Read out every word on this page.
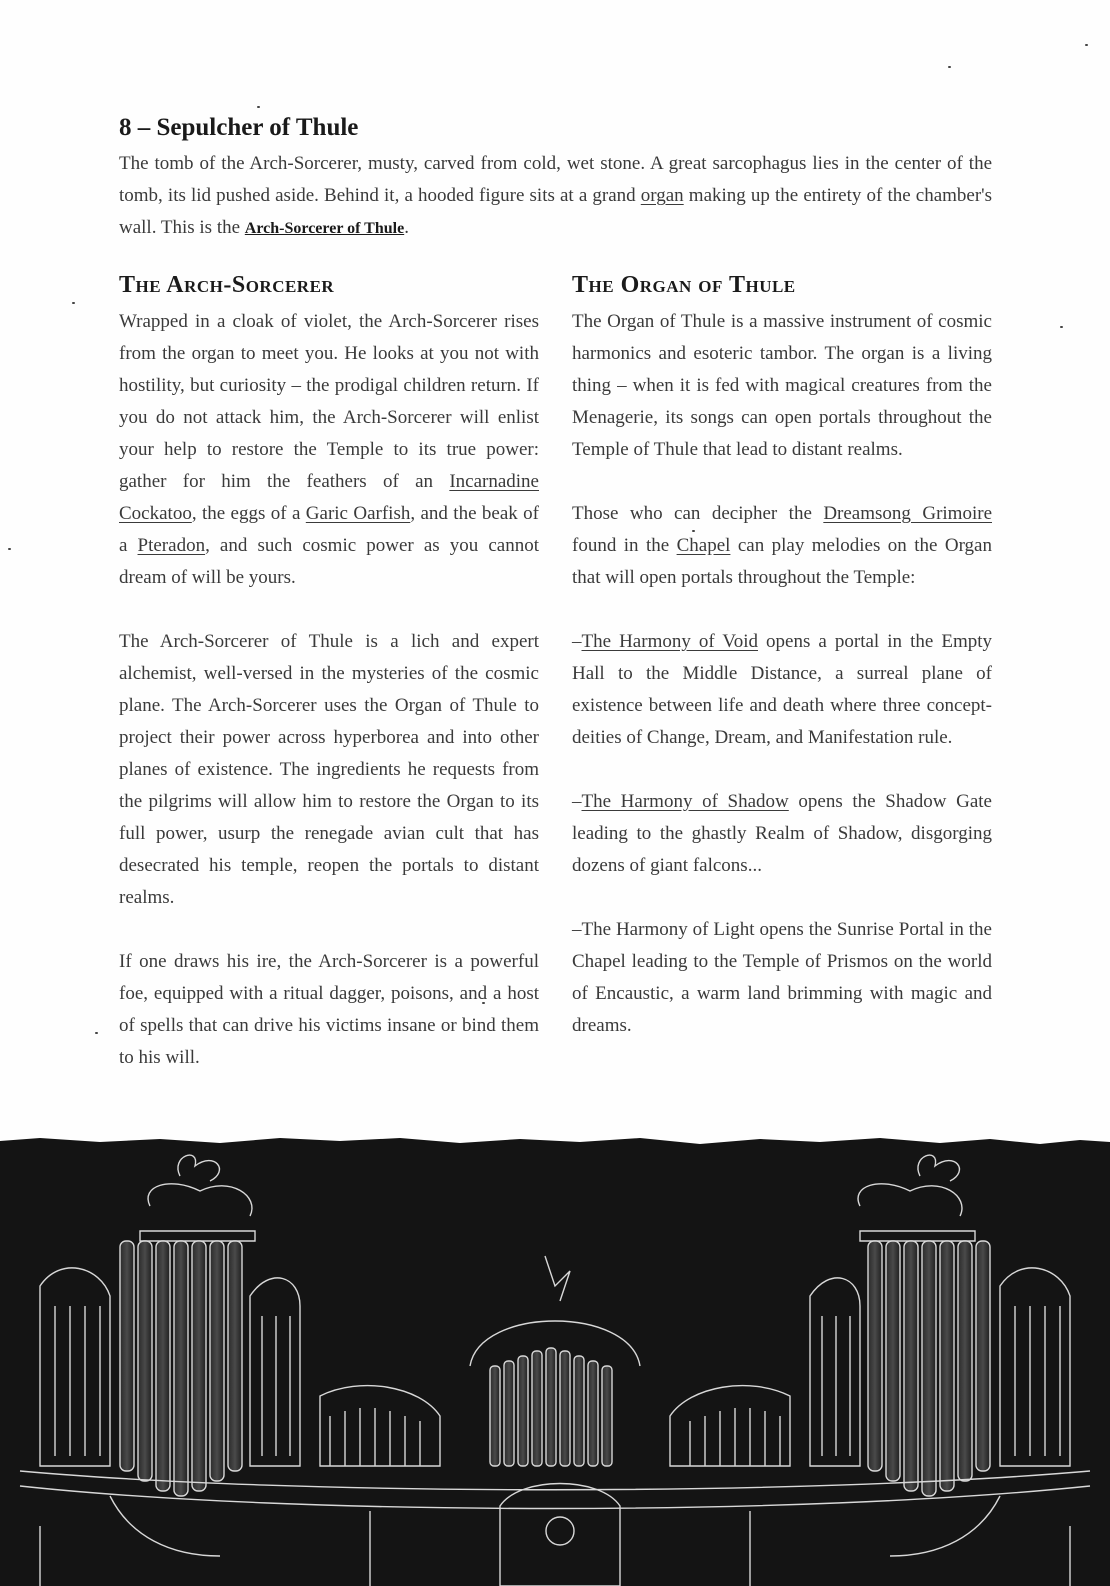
8 – Sepulcher of Thule

The tomb of the Arch-Sorcerer, musty, carved from cold, wet stone. A great sarcophagus lies in the center of the tomb, its lid pushed aside. Behind it, a hooded figure sits at a grand organ making up the entirety of the chamber's wall. This is the Arch-Sorcerer of Thule.

The Arch-Sorcerer

Wrapped in a cloak of violet, the Arch-Sorcerer rises from the organ to meet you. He looks at you not with hostility, but curiosity – the prodigal children return. If you do not attack him, the Arch-Sorcerer will enlist your help to restore the Temple to its true power: gather for him the feathers of an Incarnadine Cockatoo, the eggs of a Garic Oarfish, and the beak of a Pteradon, and such cosmic power as you cannot dream of will be yours.

The Arch-Sorcerer of Thule is a lich and expert alchemist, well-versed in the mysteries of the cosmic plane. The Arch-Sorcerer uses the Organ of Thule to project their power across hyperborea and into other planes of existence. The ingredients he requests from the pilgrims will allow him to restore the Organ to its full power, usurp the renegade avian cult that has desecrated his temple, reopen the portals to distant realms.

If one draws his ire, the Arch-Sorcerer is a powerful foe, equipped with a ritual dagger, poisons, and a host of spells that can drive his victims insane or bind them to his will.

The Organ of Thule

The Organ of Thule is a massive instrument of cosmic harmonics and esoteric tambor. The organ is a living thing – when it is fed with magical creatures from the Menagerie, its songs can open portals throughout the Temple of Thule that lead to distant realms.

Those who can decipher the Dreamsong Grimoire found in the Chapel can play melodies on the Organ that will open portals throughout the Temple:

–The Harmony of Void opens a portal in the Empty Hall to the Middle Distance, a surreal plane of existence between life and death where three concept-deities of Change, Dream, and Manifestation rule.

–The Harmony of Shadow opens the Shadow Gate leading to the ghastly Realm of Shadow, disgorging dozens of giant falcons...

–The Harmony of Light opens the Sunrise Portal in the Chapel leading to the Temple of Prismos on the world of Encaustic, a warm land brimming with magic and dreams.
